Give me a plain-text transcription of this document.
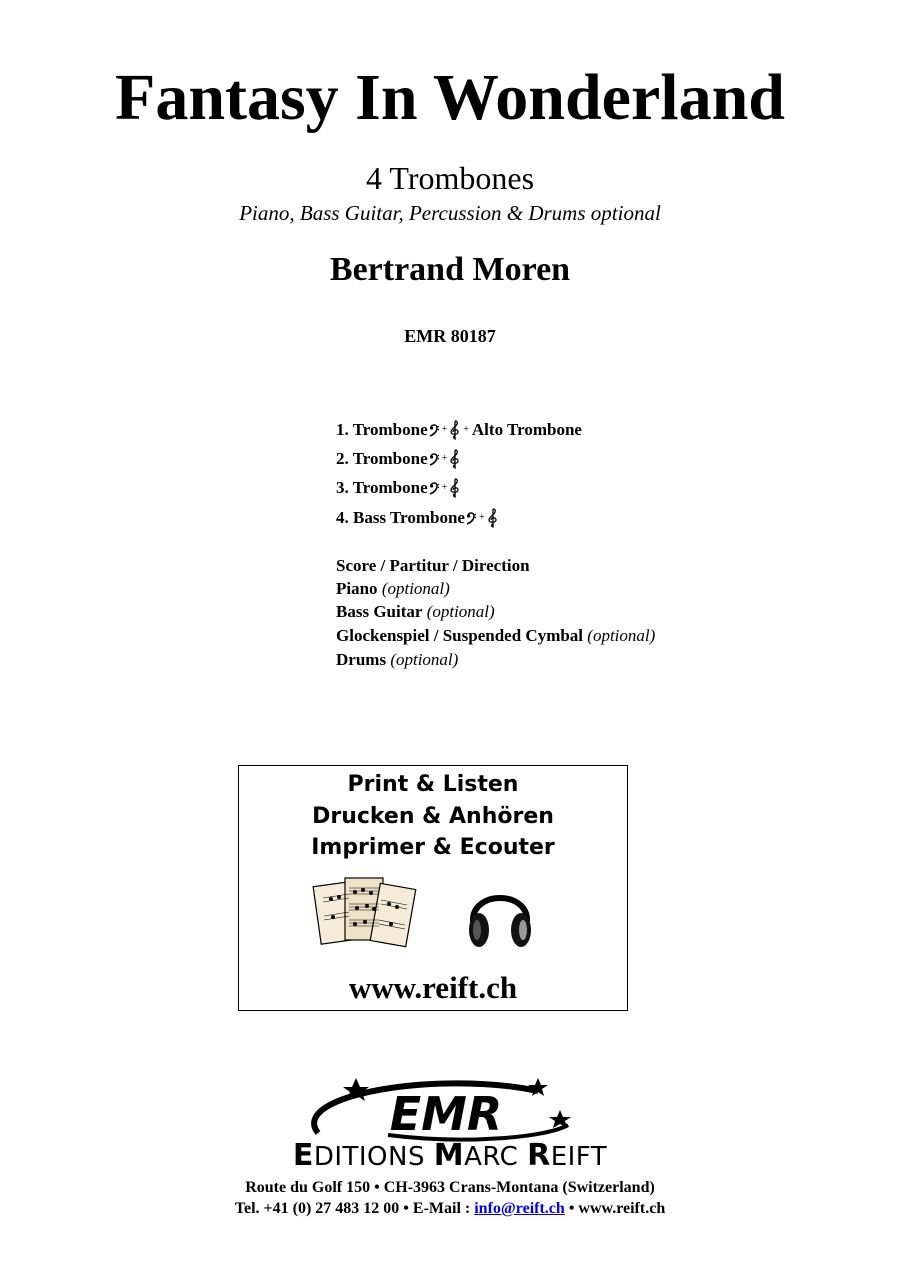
Fantasy In Wonderland
4 Trombones
Piano, Bass Guitar, Percussion & Drums optional
Bertrand Moren
EMR 80187
1. Trombone + + Alto Trombone
2. Trombone +
3. Trombone +
4. Bass Trombone +
Score / Partitur / Direction
Piano (optional)
Bass Guitar (optional)
Glockenspiel / Suspended Cymbal (optional)
Drums (optional)
Print & Listen
Drucken & Anhören
Imprimer & Ecouter
www.reift.ch
EMR
EDITIONS MARC REIFT
Route du Golf 150 • CH-3963 Crans-Montana (Switzerland)
Tel. +41 (0) 27 483 12 00 • E-Mail : info@reift.ch • www.reift.ch
